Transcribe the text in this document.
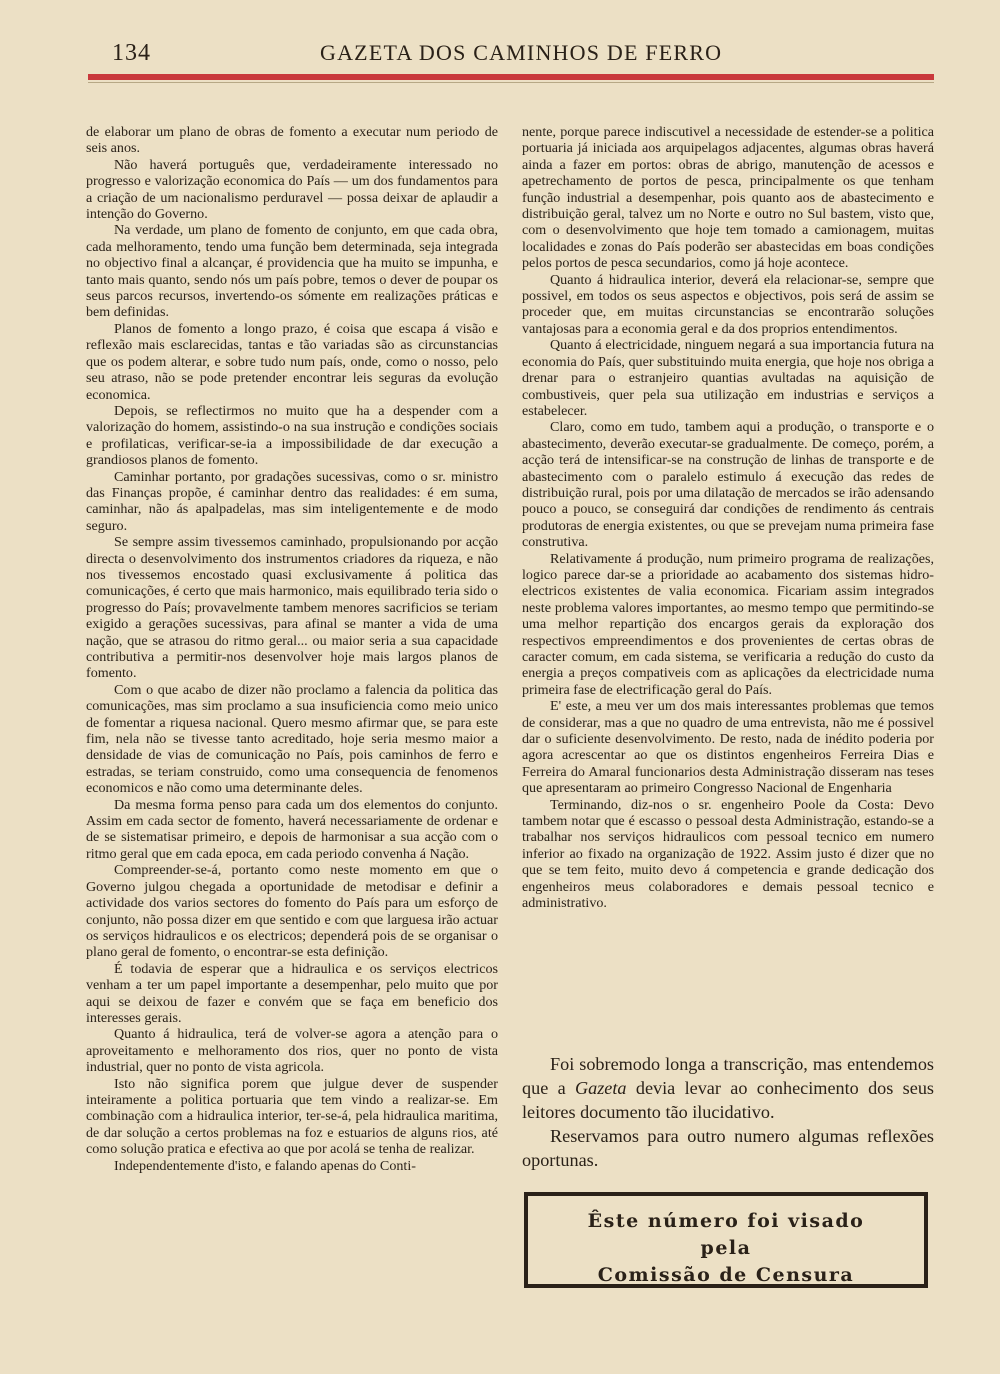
134	GAZETA DOS CAMINHOS DE FERRO

de elaborar um plano de obras de fomento a executar num periodo de seis anos.

Não haverá português que, verdadeiramente interessado no progresso e valorização economica do País — um dos fundamentos para a criação de um nacionalismo perduravel — possa deixar de aplaudir a intenção do Governo.

Na verdade, um plano de fomento de conjunto, em que cada obra, cada melhoramento, tendo uma função bem determinada, seja integrada no objectivo final a alcançar, é providencia que ha muito se impunha, e tanto mais quanto, sendo nós um país pobre, temos o dever de poupar os seus parcos recursos, invertendo-os sómente em realizações práticas e bem definidas.

Planos de fomento a longo prazo, é coisa que escapa á visão e reflexão mais esclarecidas, tantas e tão variadas são as circunstancias que os podem alterar, e sobre tudo num país, onde, como o nosso, pelo seu atraso, não se pode pretender encontrar leis seguras da evolução economica.

Depois, se reflectirmos no muito que ha a despender com a valorização do homem, assistindo-o na sua instrução e condições sociais e profilaticas, verificar-se-ia a impossibilidade de dar execução a grandiosos planos de fomento.

Caminhar portanto, por gradações sucessivas, como o sr. ministro das Finanças propõe, é caminhar dentro das realidades: é em suma, caminhar, não ás apalpadelas, mas sim inteligentemente e de modo seguro.

Se sempre assim tivessemos caminhado, propulsionando por acção directa o desenvolvimento dos instrumentos criadores da riqueza, e não nos tivessemos encostado quasi exclusivamente á politica das comunicações, é certo que mais harmonico, mais equilibrado teria sido o progresso do País; provavelmente tambem menores sacrificios se teriam exigido a gerações sucessivas, para afinal se manter a vida de uma nação, que se atrasou do ritmo geral... ou maior seria a sua capacidade contributiva a permitir-nos desenvolver hoje mais largos planos de fomento.

Com o que acabo de dizer não proclamo a falencia da politica das comunicações, mas sim proclamo a sua insuficiencia como meio unico de fomentar a riquesa nacional. Quero mesmo afirmar que, se para este fim, nela não se tivesse tanto acreditado, hoje seria mesmo maior a densidade de vias de comunicação no País, pois caminhos de ferro e estradas, se teriam construido, como uma consequencia de fenomenos economicos e não como uma determinante deles.

Da mesma forma penso para cada um dos elementos do conjunto. Assim em cada sector de fomento, haverá necessariamente de ordenar e de se sistematisar primeiro, e depois de harmonisar a sua acção com o ritmo geral que em cada epoca, em cada periodo convenha á Nação.

Compreender-se-á, portanto como neste momento em que o Governo julgou chegada a oportunidade de metodisar e definir a actividade dos varios sectores do fomento do País para um esforço de conjunto, não possa dizer em que sentido e com que larguesa irão actuar os serviços hidraulicos e os electricos; dependerá pois de se organisar o plano geral de fomento, o encontrar-se esta definição.

É todavia de esperar que a hidraulica e os serviços electricos venham a ter um papel importante a desempenhar, pelo muito que por aqui se deixou de fazer e convém que se faça em beneficio dos interesses gerais.

Quanto á hidraulica, terá de volver-se agora a atenção para o aproveitamento e melhoramento dos rios, quer no ponto de vista industrial, quer no ponto de vista agricola.

Isto não significa porem que julgue dever de suspender inteiramente a politica portuaria que tem vindo a realizar-se. Em combinação com a hidraulica interior, ter-se-á, pela hidraulica maritima, de dar solução a certos problemas na foz e estuarios de alguns rios, até como solução pratica e efectiva ao que por acolá se tenha de realizar.

Independentemente d'isto, e falando apenas do Conti-

nente, porque parece indiscutivel a necessidade de estender-se a politica portuaria já iniciada aos arquipelagos adjacentes, algumas obras haverá ainda a fazer em portos: obras de abrigo, manutenção de acessos e apetrechamento de portos de pesca, principalmente os que tenham função industrial a desempenhar, pois quanto aos de abastecimento e distribuição geral, talvez um no Norte e outro no Sul bastem, visto que, com o desenvolvimento que hoje tem tomado a camionagem, muitas localidades e zonas do País poderão ser abastecidas em boas condições pelos portos de pesca secundarios, como já hoje acontece.

Quanto á hidraulica interior, deverá ela relacionar-se, sempre que possivel, em todos os seus aspectos e objectivos, pois será de assim se proceder que, em muitas circunstancias se encontrarão soluções vantajosas para a economia geral e da dos proprios entendimentos.

Quanto á electricidade, ninguem negará a sua importancia futura na economia do País, quer substituindo muita energia, que hoje nos obriga a drenar para o estranjeiro quantias avultadas na aquisição de combustiveis, quer pela sua utilização em industrias e serviços a estabelecer.

Claro, como em tudo, tambem aqui a produção, o transporte e o abastecimento, deverão executar-se gradualmente. De começo, porém, a acção terá de intensificar-se na construção de linhas de transporte e de abastecimento com o paralelo estimulo á execução das redes de distribuição rural, pois por uma dilatação de mercados se irão adensando pouco a pouco, se conseguirá dar condições de rendimento ás centrais produtoras de energia existentes, ou que se prevejam numa primeira fase construtiva.

Relativamente á produção, num primeiro programa de realizações, logico parece dar-se a prioridade ao acabamento dos sistemas hidro-electricos existentes de valia economica. Ficariam assim integrados neste problema valores importantes, ao mesmo tempo que permitindo-se uma melhor repartição dos encargos gerais da exploração dos respectivos empreendimentos e dos provenientes de certas obras de caracter comum, em cada sistema, se verificaria a redução do custo da energia a preços compativeis com as aplicações da electricidade numa primeira fase de electrificação geral do País.

E' este, a meu ver um dos mais interessantes problemas que temos de considerar, mas a que no quadro de uma entrevista, não me é possivel dar o suficiente desenvolvimento. De resto, nada de inédito poderia por agora acrescentar ao que os distintos engenheiros Ferreira Dias e Ferreira do Amaral funcionarios desta Administração disseram nas teses que apresentaram ao primeiro Congresso Nacional de Engenharia

Terminando, diz-nos o sr. engenheiro Poole da Costa: Devo tambem notar que é escasso o pessoal desta Administração, estando-se a trabalhar nos serviços hidraulicos com pessoal tecnico em numero inferior ao fixado na organização de 1922. Assim justo é dizer que no que se tem feito, muito devo á competencia e grande dedicação dos engenheiros meus colaboradores e demais pessoal tecnico e administrativo.

Foi sobremodo longa a transcrição, mas entendemos que a Gazeta devia levar ao conhecimento dos seus leitores documento tão ilucidativo.

Reservamos para outro numero algumas reflexões oportunas.

Êste número foi visado
pela
Comissão de Censura
